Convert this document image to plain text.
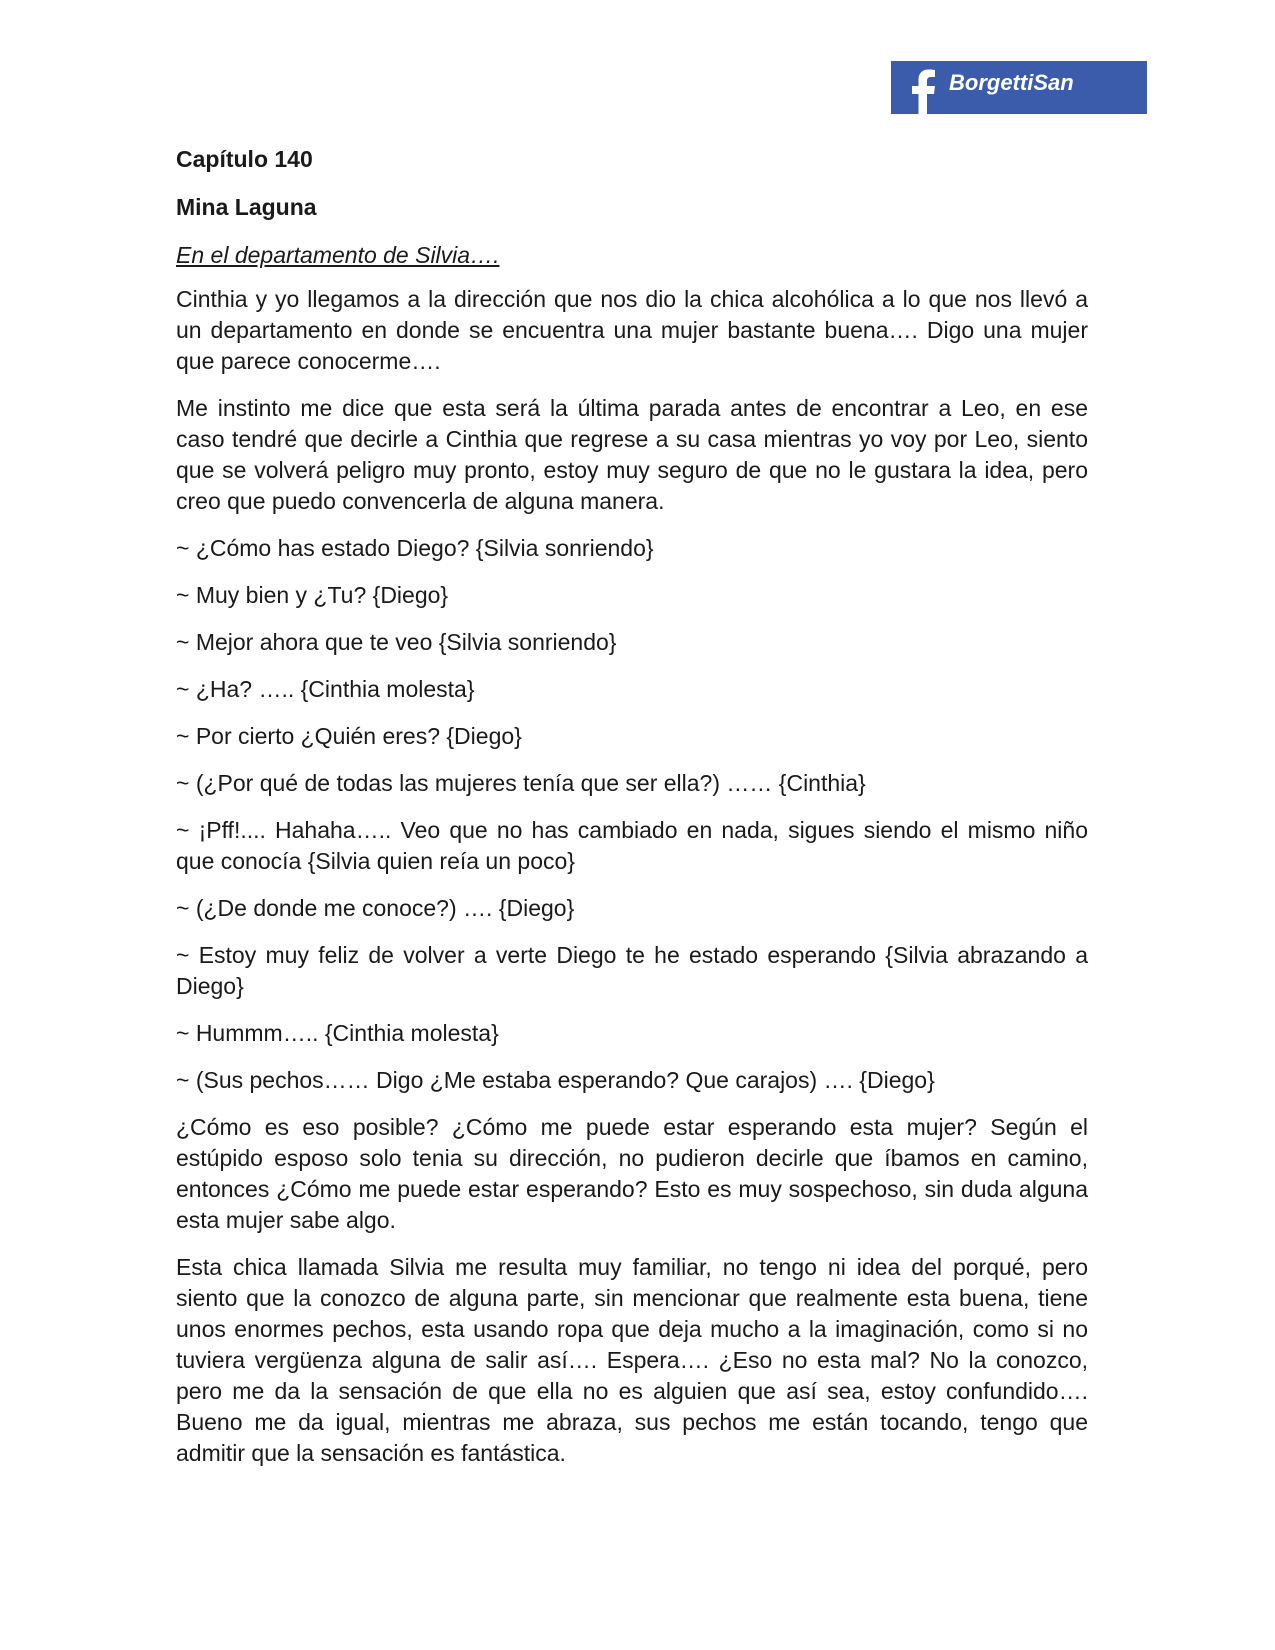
BorgettiSan
Capítulo 140
Mina Laguna
En el departamento de Silvia….

Cinthia y yo llegamos a la dirección que nos dio la chica alcohólica a lo que nos llevó a un departamento en donde se encuentra una mujer bastante buena…. Digo una mujer que parece conocerme….

Me instinto me dice que esta será la última parada antes de encontrar a Leo, en ese caso tendré que decirle a Cinthia que regrese a su casa mientras yo voy por Leo, siento que se volverá peligro muy pronto, estoy muy seguro de que no le gustara la idea, pero creo que puedo convencerla de alguna manera.

~ ¿Cómo has estado Diego? {Silvia sonriendo}

~ Muy bien y ¿Tu? {Diego}

~ Mejor ahora que te veo {Silvia sonriendo}

~ ¿Ha? ….. {Cinthia molesta}

~ Por cierto ¿Quién eres? {Diego}

~ (¿Por qué de todas las mujeres tenía que ser ella?) …… {Cinthia}

~ ¡Pff!.... Hahaha….. Veo que no has cambiado en nada, sigues siendo el mismo niño que conocía {Silvia quien reía un poco}

~ (¿De donde me conoce?) …. {Diego}

~ Estoy muy feliz de volver a verte Diego te he estado esperando {Silvia abrazando a Diego}

~ Hummm….. {Cinthia molesta}

~ (Sus pechos…… Digo ¿Me estaba esperando? Que carajos) …. {Diego}

¿Cómo es eso posible? ¿Cómo me puede estar esperando esta mujer? Según el estúpido esposo solo tenia su dirección, no pudieron decirle que íbamos en camino, entonces ¿Cómo me puede estar esperando? Esto es muy sospechoso, sin duda alguna esta mujer sabe algo.

Esta chica llamada Silvia me resulta muy familiar, no tengo ni idea del porqué, pero siento que la conozco de alguna parte, sin mencionar que realmente esta buena, tiene unos enormes pechos, esta usando ropa que deja mucho a la imaginación, como si no tuviera vergüenza alguna de salir así…. Espera…. ¿Eso no esta mal? No la conozco, pero me da la sensación de que ella no es alguien que así sea, estoy confundido…. Bueno me da igual, mientras me abraza, sus pechos me están tocando, tengo que admitir que la sensación es fantástica.
